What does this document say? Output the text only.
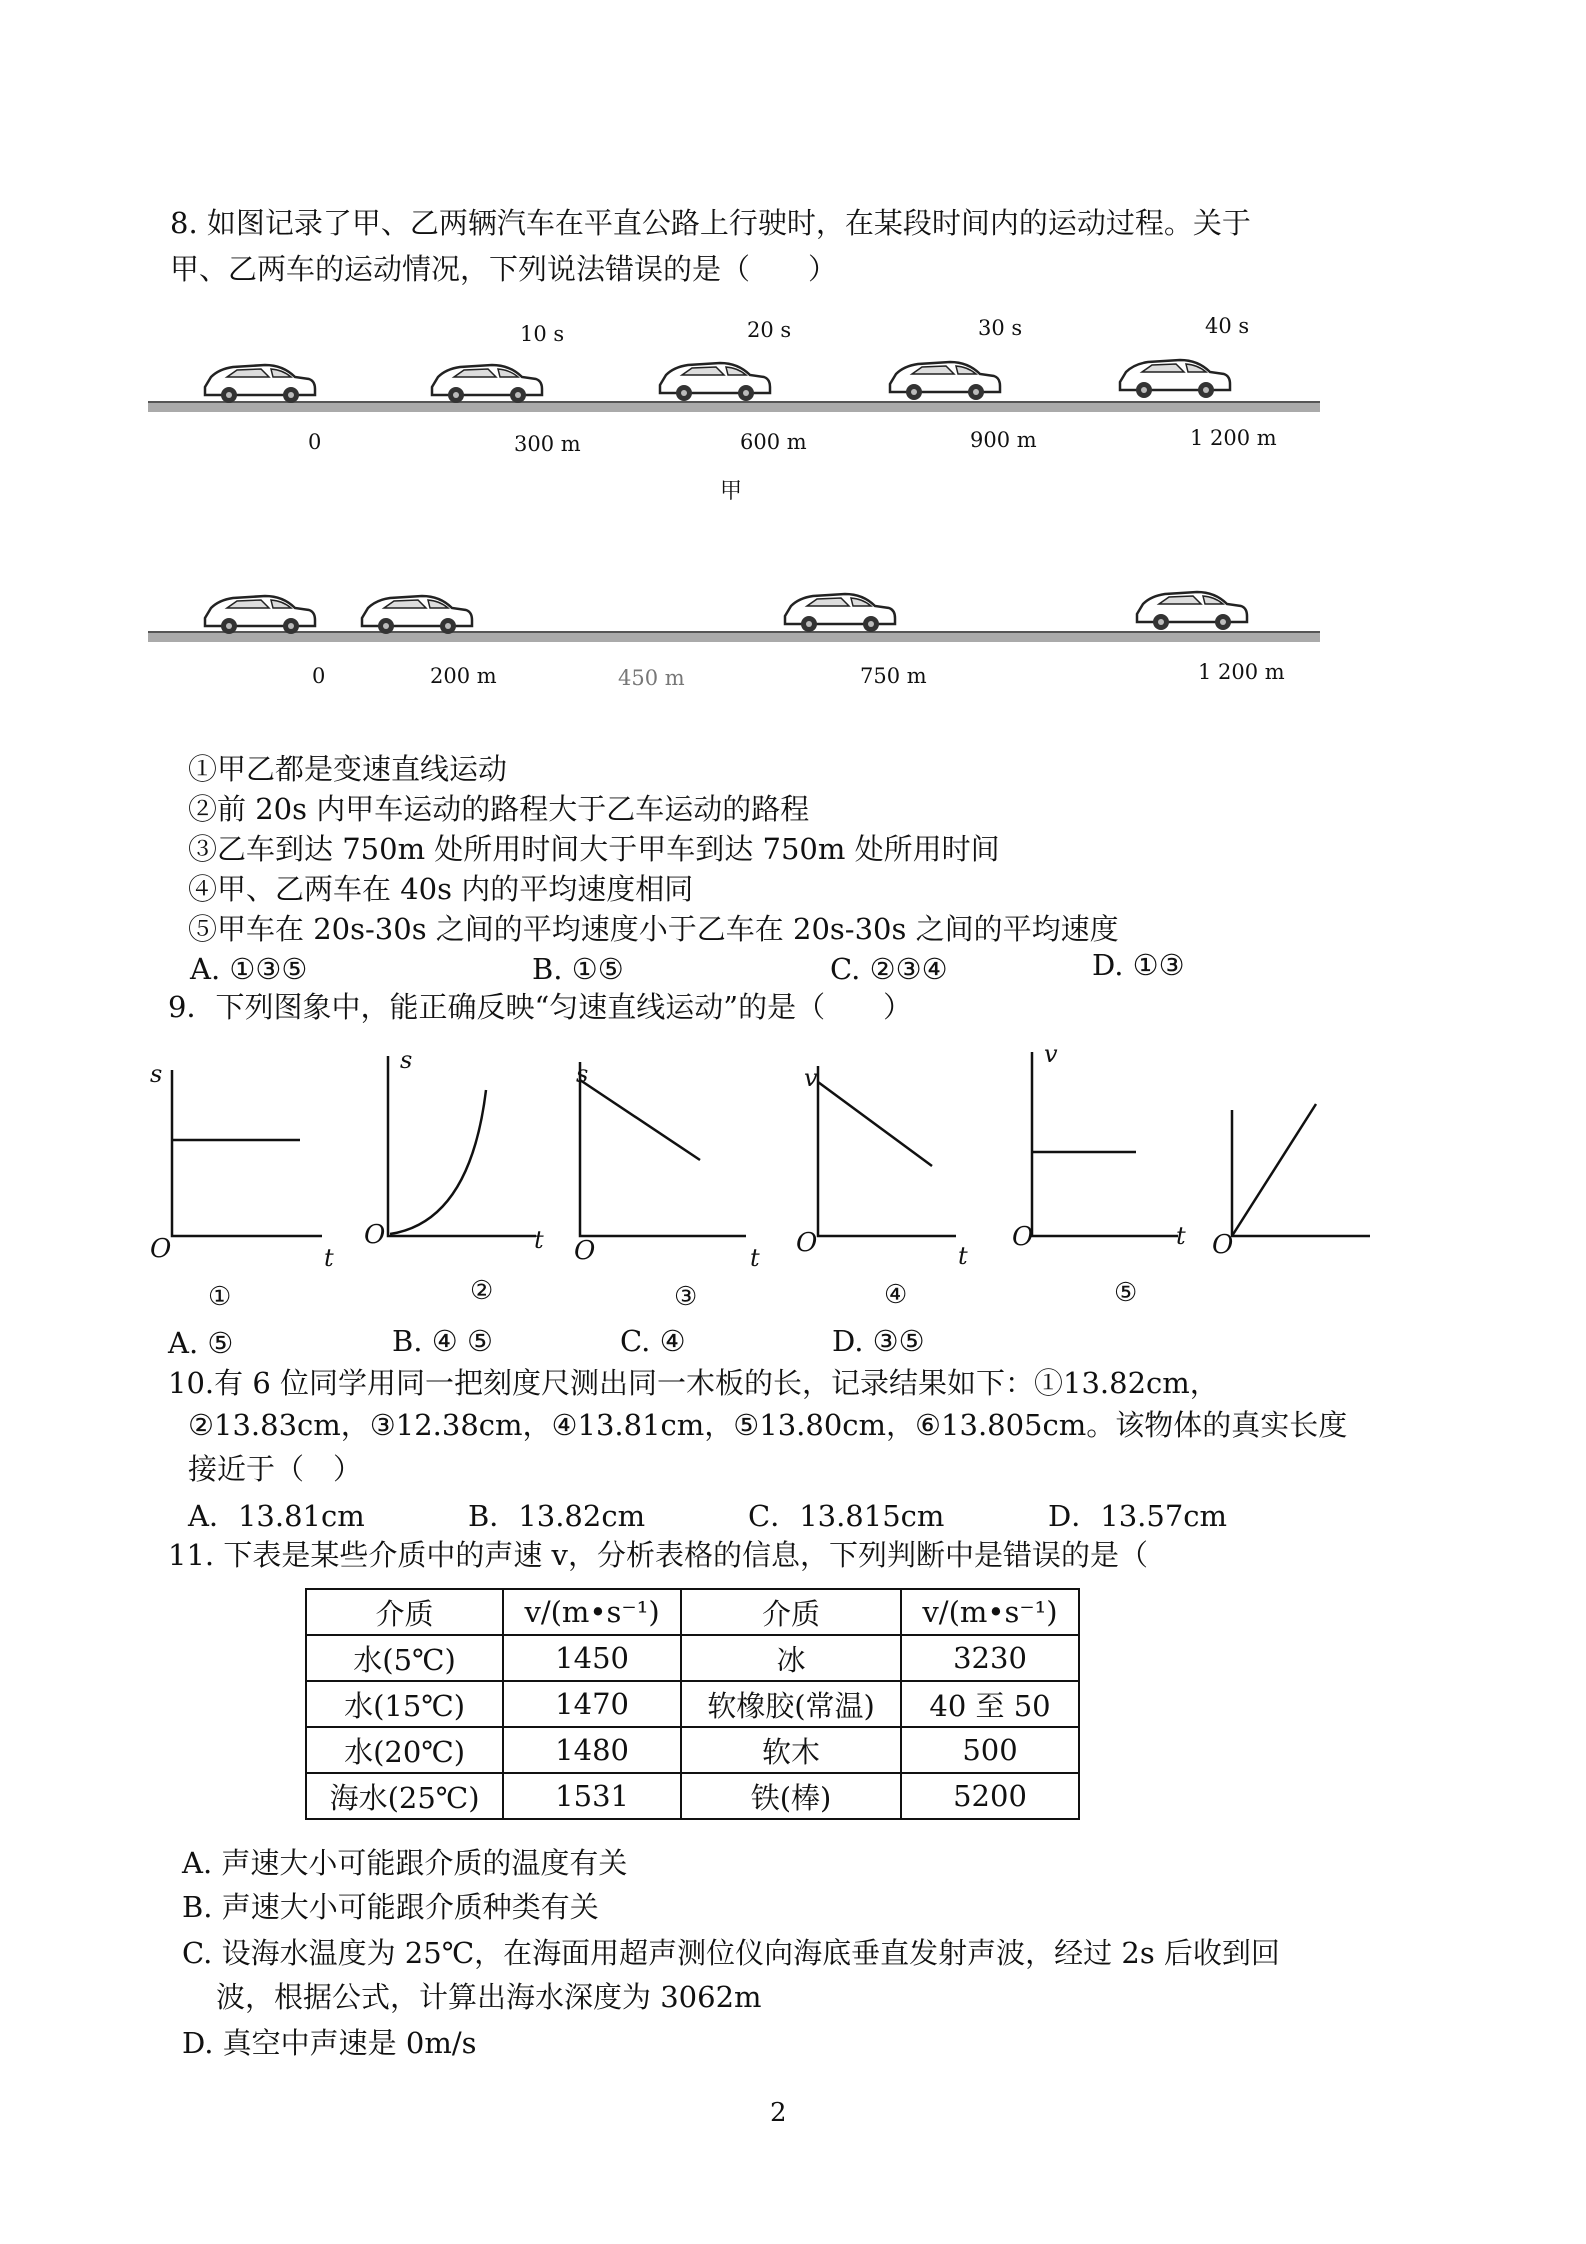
8. 如图记录了甲、乙两辆汽车在平直公路上行驶时，在某段时间内的运动过程。关于
甲、乙两车的运动情况，下列说法错误的是（　　）
10 s	20 s	30 s	40 s
0	300 m	600 m	900 m	1 200 m
甲
0	200 m	450 m	750 m	1 200 m
①甲乙都是变速直线运动
②前 20s 内甲车运动的路程大于乙车运动的路程
③乙车到达 750m 处所用时间大于甲车到达 750m 处所用时间
④甲、乙两车在 40s 内的平均速度相同
⑤甲车在 20s-30s 之间的平均速度小于乙车在 20s-30s 之间的平均速度
A. ①③⑤	B. ①⑤	C. ②③④	D. ①③
9．下列图象中，能正确反映“匀速直线运动”的是（　　）
s	s	s	v
v
O	O
O	O	O	O
t
t
t	t
t
①	②	③	④	⑤
A. ⑤	B. ④ ⑤	C. ④	D. ③⑤
10.有 6 位同学用同一把刻度尺测出同一木板的长，记录结果如下：①13.82cm，
②13.83cm，③12.38cm，④13.81cm，⑤13.80cm，⑥13.805cm。该物体的真实长度
接近于（　）
A．13.81cm	B．13.82cm	C．13.815cm	D．13.57cm
11. 下表是某些介质中的声速 v，分析表格的信息，下列判断中是错误的是（
介质	v/(m•s⁻¹)	介质	v/(m•s⁻¹)
水(5℃)	1450	冰	3230
水(15℃)	1470	软橡胶(常温)	40 至 50
水(20℃)	1480	软木	500
海水(25℃)	1531	铁(棒)	5200
A. 声速大小可能跟介质的温度有关
B. 声速大小可能跟介质种类有关
C. 设海水温度为 25℃，在海面用超声测位仪向海底垂直发射声波，经过 2s 后收到回
波，根据公式，计算出海水深度为 3062m
D. 真空中声速是 0m/s
2
